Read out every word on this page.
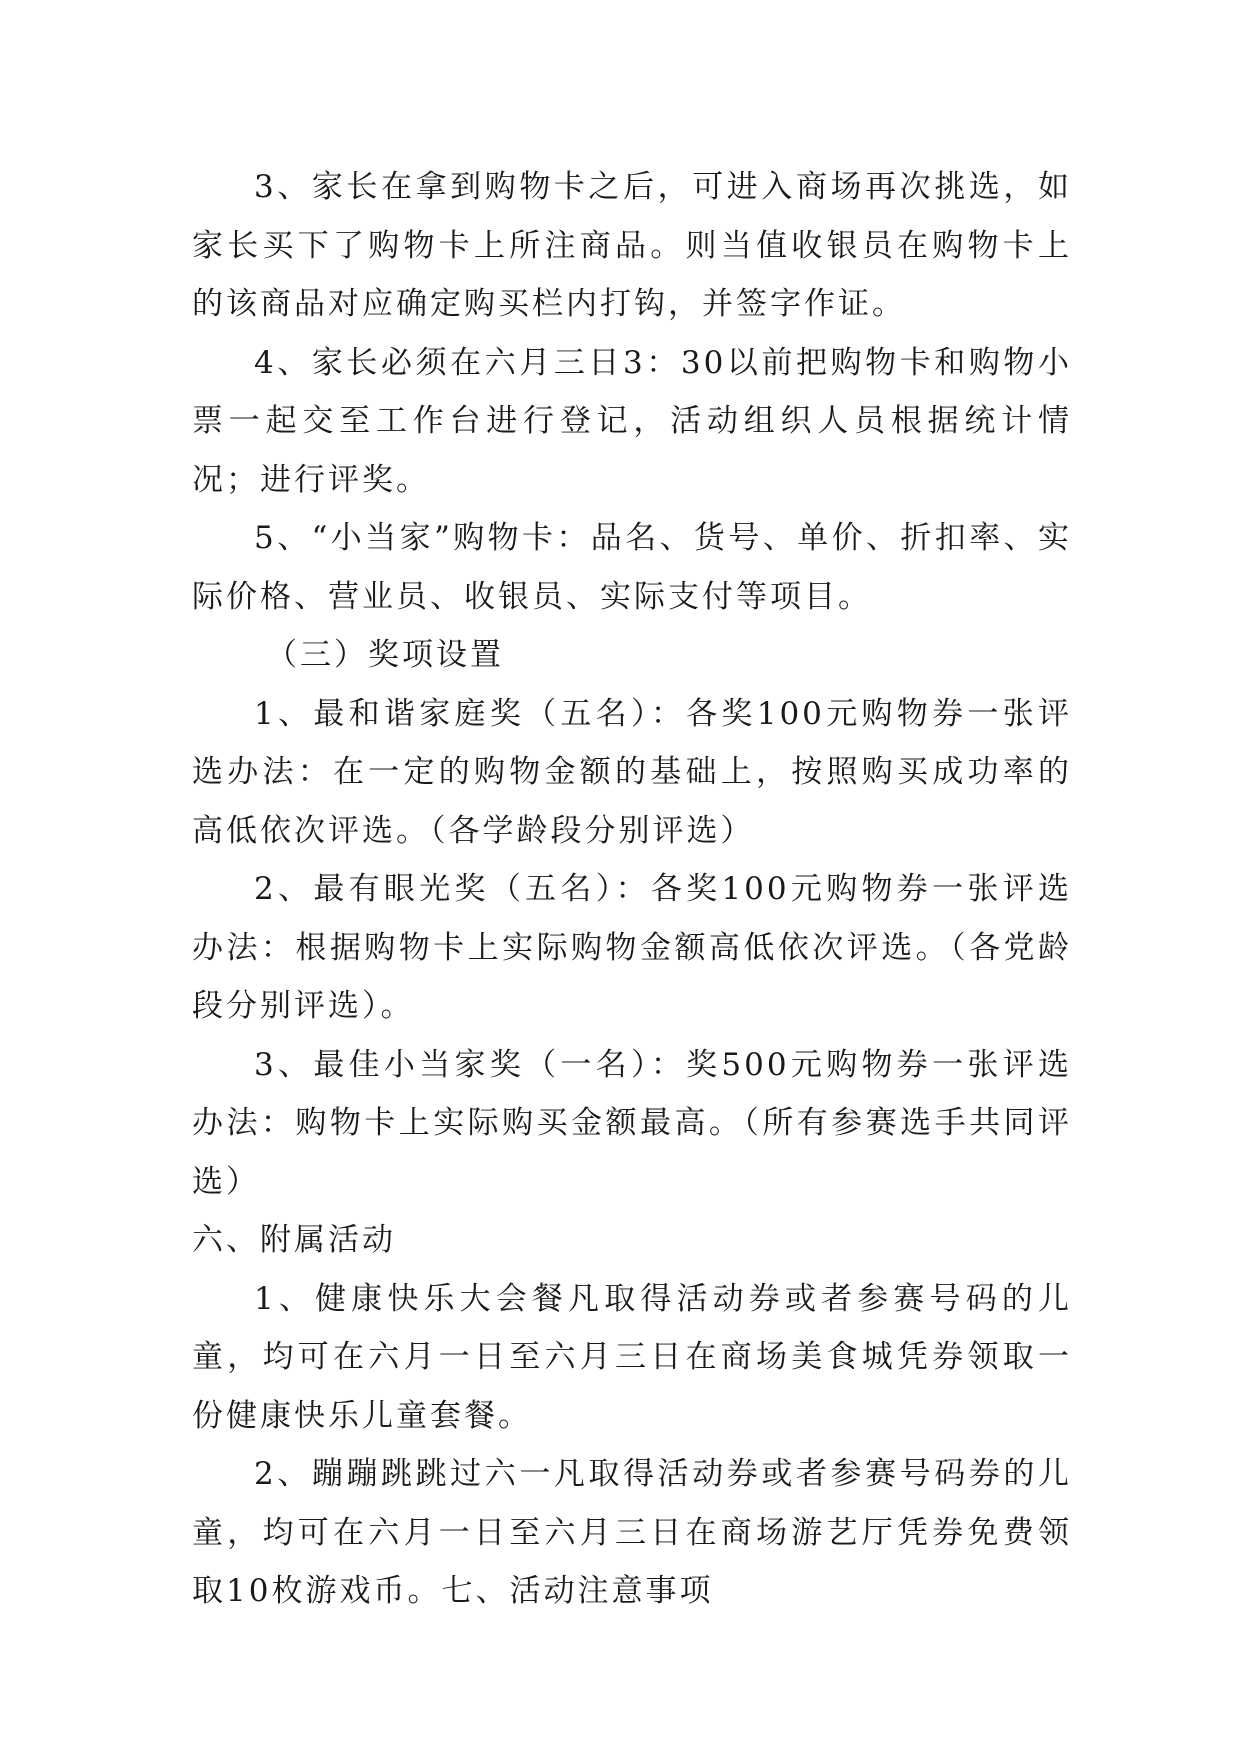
3、家长在拿到购物卡之后，可进入商场再次挑选，如家长买下了购物卡上所注商品。则当值收银员在购物卡上的该商品对应确定购买栏内打钩，并签字作证。

4、家长必须在六月三日3：30以前把购物卡和购物小票一起交至工作台进行登记，活动组织人员根据统计情况；进行评奖。

5、“小当家”购物卡：品名、货号、单价、折扣率、实际价格、营业员、收银员、实际支付等项目。

（三）奖项设置

1、最和谐家庭奖（五名）：各奖100元购物券一张评选办法：在一定的购物金额的基础上，按照购买成功率的高低依次评选。（各学龄段分别评选）

2、最有眼光奖（五名）：各奖100元购物券一张评选办法：根据购物卡上实际购物金额高低依次评选。（各党龄段分别评选）。

3、最佳小当家奖（一名）：奖500元购物券一张评选办法：购物卡上实际购买金额最高。（所有参赛选手共同评选）

六、附属活动

1、健康快乐大会餐凡取得活动券或者参赛号码的儿童，均可在六月一日至六月三日在商场美食城凭券领取一份健康快乐儿童套餐。

2、蹦蹦跳跳过六一凡取得活动券或者参赛号码券的儿童，均可在六月一日至六月三日在商场游艺厅凭券免费领取10枚游戏币。七、活动注意事项
